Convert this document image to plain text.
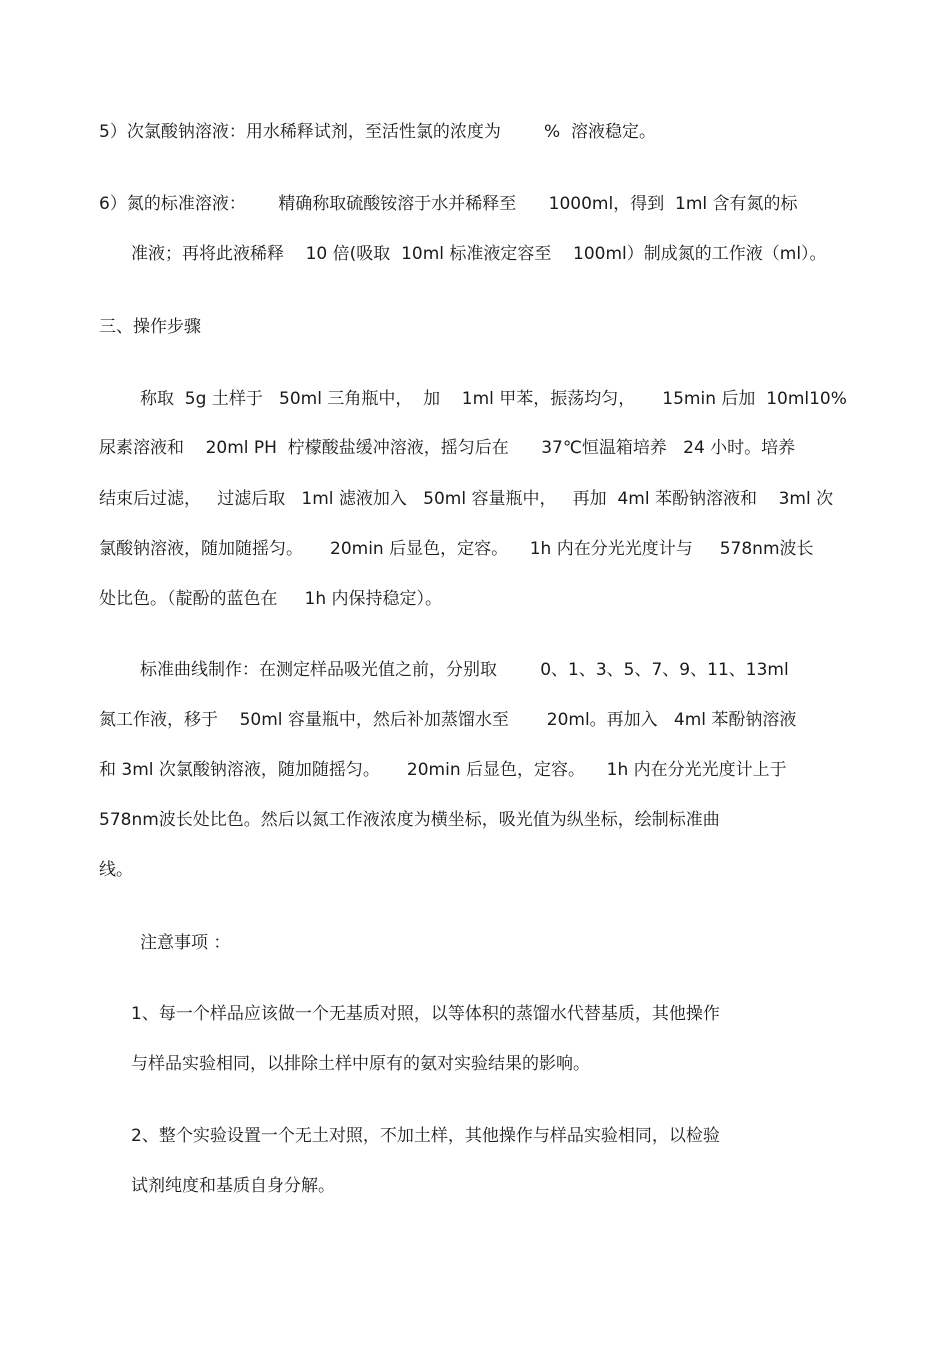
5）次氯酸钠溶液：用水稀释试剂，至活性氯的浓度为        %  溶液稳定。

6）氮的标准溶液：      精确称取硫酸铵溶于水并稀释至      1000ml，得到  1ml 含有氮的标

准液；再将此液稀释    10 倍(吸取  10ml 标准液定容至    100ml）制成氮的工作液（ml）。

三、操作步骤

称取  5g 土样于   50ml 三角瓶中，  加    1ml 甲苯，振荡均匀，     15min 后加  10ml10%

尿素溶液和    20ml PH  柠檬酸盐缓冲溶液，摇匀后在      37℃恒温箱培养   24 小时。培养

结束后过滤，   过滤后取   1ml 滤液加入   50ml 容量瓶中，   再加  4ml 苯酚钠溶液和    3ml 次

氯酸钠溶液，随加随摇匀。     20min 后显色，定容。    1h 内在分光光度计与     578nm波长

处比色。（靛酚的蓝色在     1h 内保持稳定）。

标准曲线制作：在测定样品吸光值之前，分别取        0、1、3、5、7、9、11、13ml

氮工作液，移于    50ml 容量瓶中，然后补加蒸馏水至       20ml。再加入   4ml 苯酚钠溶液

和 3ml 次氯酸钠溶液，随加随摇匀。     20min 后显色，定容。    1h 内在分光光度计上于

578nm波长处比色。然后以氮工作液浓度为横坐标，吸光值为纵坐标，绘制标准曲

线。

注意事项 ：

1、每一个样品应该做一个无基质对照，以等体积的蒸馏水代替基质，其他操作

与样品实验相同，以排除土样中原有的氨对实验结果的影响。

2、整个实验设置一个无土对照，不加土样，其他操作与样品实验相同，以检验

试剂纯度和基质自身分解。
